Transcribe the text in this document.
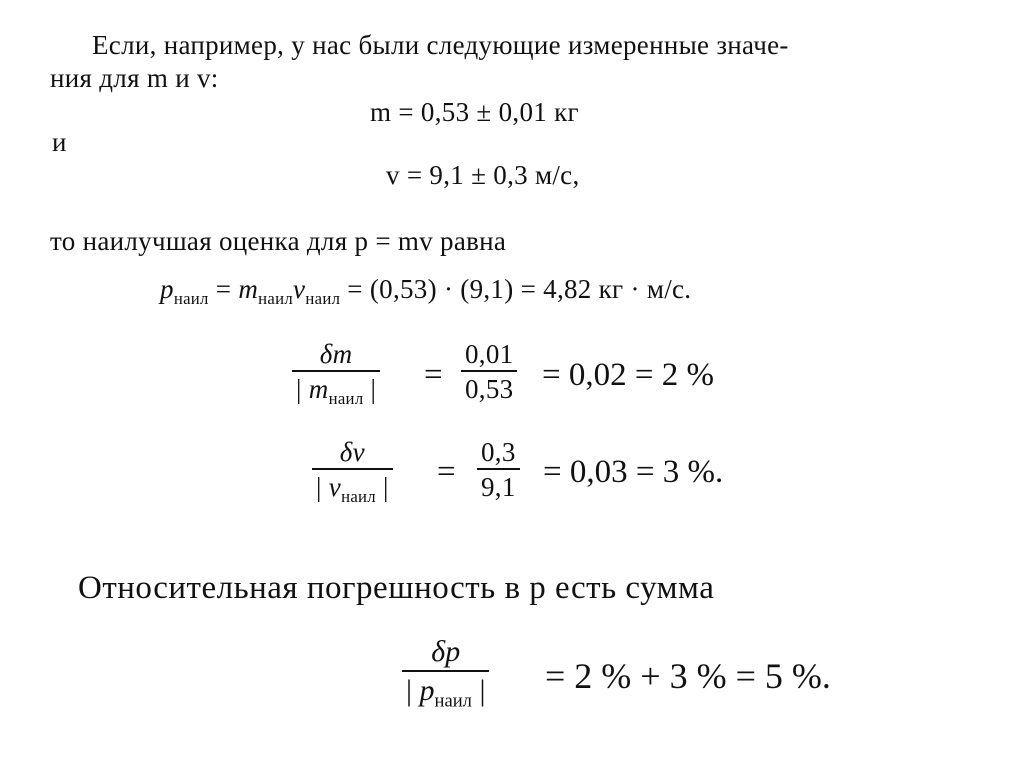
Если, например, у нас были следующие измеренные значе-
ния для m и v:
m = 0,53 ± 0,01 кг
и
v = 9,1 ± 0,3 м/с,
то наилучшая оценка для p = mv равна
$p_{наил} = m_{наил}v_{наил} = (0,53) \cdot (9,1) = 4,82$ кг · м/с.
δm
| $m_{наил}$ | =
0,01
0,53 = 0,02 = 2 %
δv
| $v_{наил}$ | =
0,3
9,1 = 0,03 = 3 %.
Относительная погрешность в p есть сумма
δp
| $p_{наил}$ | = 2 % + 3 % = 5 %.
